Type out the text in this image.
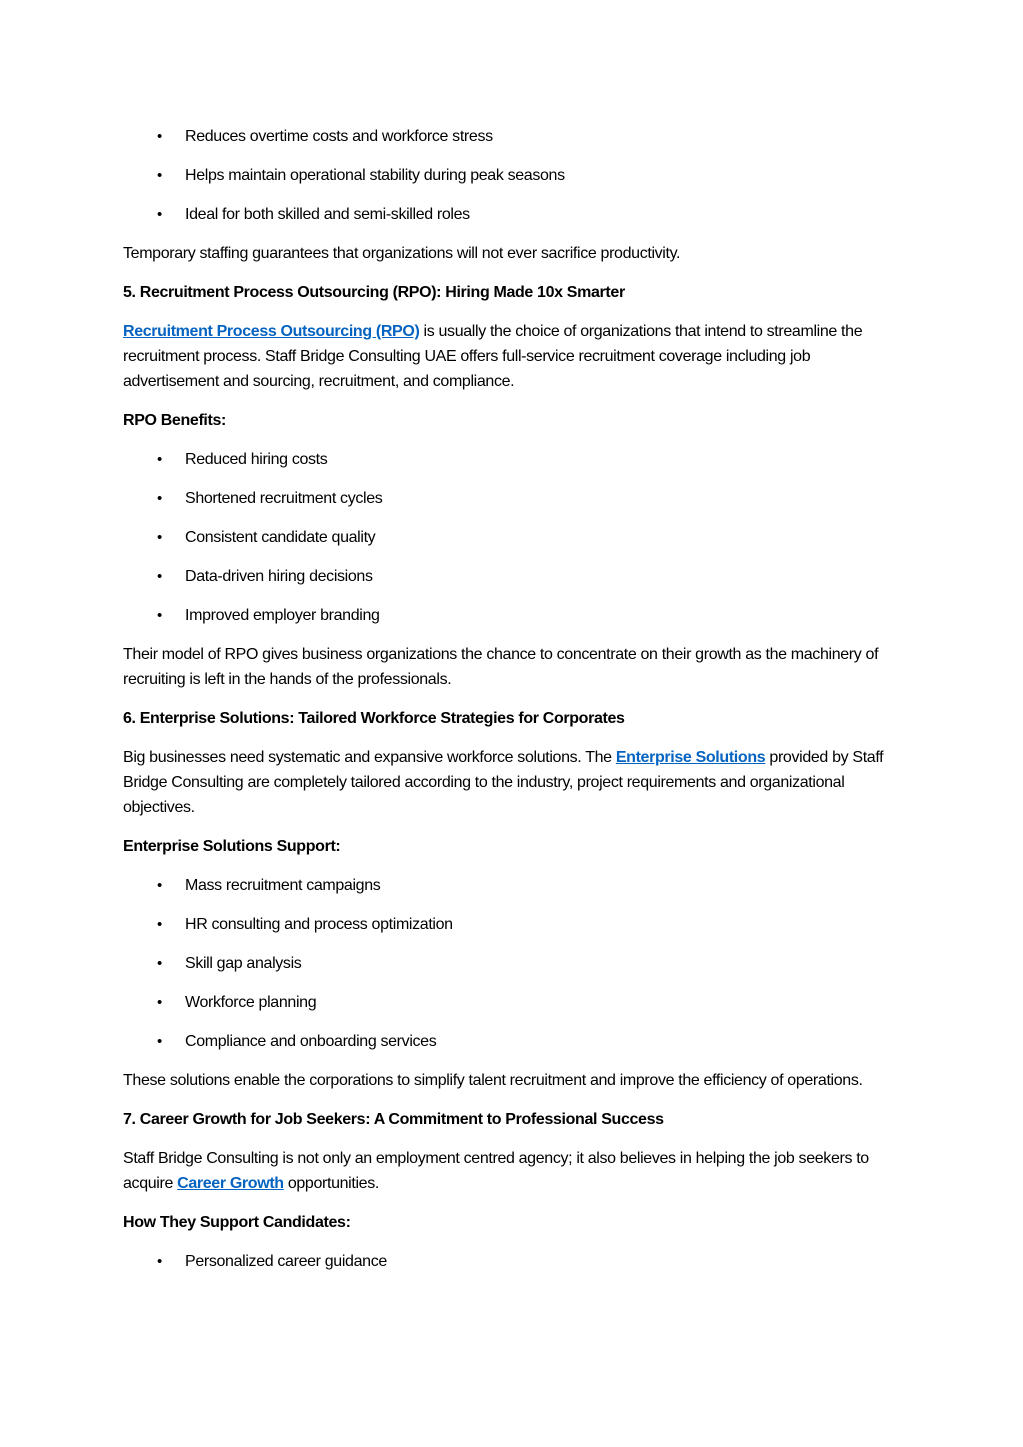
• Reduces overtime costs and workforce stress
• Helps maintain operational stability during peak seasons
• Ideal for both skilled and semi-skilled roles

Temporary staffing guarantees that organizations will not ever sacrifice productivity.

5. Recruitment Process Outsourcing (RPO): Hiring Made 10x Smarter

Recruitment Process Outsourcing (RPO) is usually the choice of organizations that intend to streamline the recruitment process. Staff Bridge Consulting UAE offers full-service recruitment coverage including job advertisement and sourcing, recruitment, and compliance.

RPO Benefits:

• Reduced hiring costs
• Shortened recruitment cycles
• Consistent candidate quality
• Data-driven hiring decisions
• Improved employer branding

Their model of RPO gives business organizations the chance to concentrate on their growth as the machinery of recruiting is left in the hands of the professionals.

6. Enterprise Solutions: Tailored Workforce Strategies for Corporates

Big businesses need systematic and expansive workforce solutions. The Enterprise Solutions provided by Staff Bridge Consulting are completely tailored according to the industry, project requirements and organizational objectives.

Enterprise Solutions Support:

• Mass recruitment campaigns
• HR consulting and process optimization
• Skill gap analysis
• Workforce planning
• Compliance and onboarding services

These solutions enable the corporations to simplify talent recruitment and improve the efficiency of operations.

7. Career Growth for Job Seekers: A Commitment to Professional Success

Staff Bridge Consulting is not only an employment centred agency; it also believes in helping the job seekers to acquire Career Growth opportunities.

How They Support Candidates:

• Personalized career guidance
